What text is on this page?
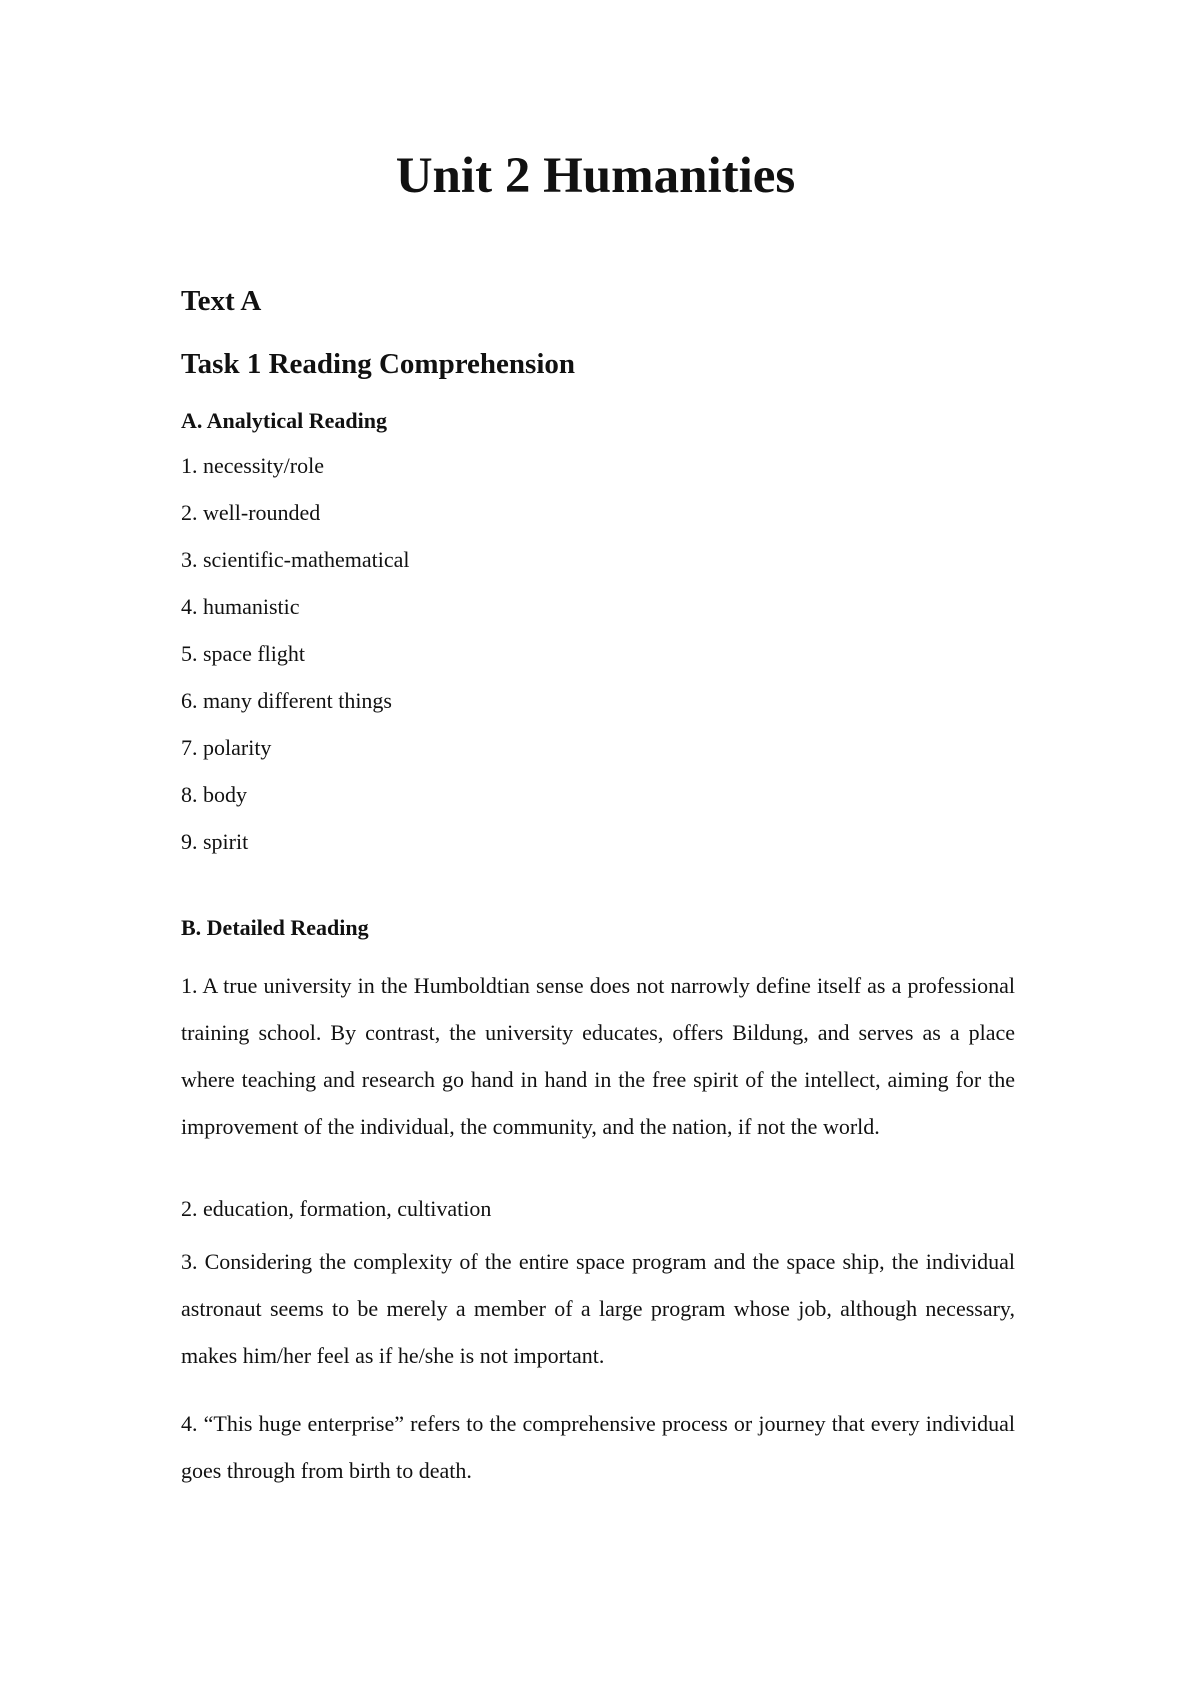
Unit 2 Humanities
Text A
Task 1 Reading Comprehension
A. Analytical Reading
1. necessity/role
2. well-rounded
3. scientific-mathematical
4. humanistic
5. space flight
6. many different things
7. polarity
8. body
9. spirit
B. Detailed Reading

1. A true university in the Humboldtian sense does not narrowly define itself as a professional training school. By contrast, the university educates, offers Bildung, and serves as a place where teaching and research go hand in hand in the free spirit of the intellect, aiming for the improvement of the individual, the community, and the nation, if not the world.

2. education, formation, cultivation

3. Considering the complexity of the entire space program and the space ship, the individual astronaut seems to be merely a member of a large program whose job, although necessary, makes him/her feel as if he/she is not important.

4. “This huge enterprise” refers to the comprehensive process or journey that every individual goes through from birth to death.
